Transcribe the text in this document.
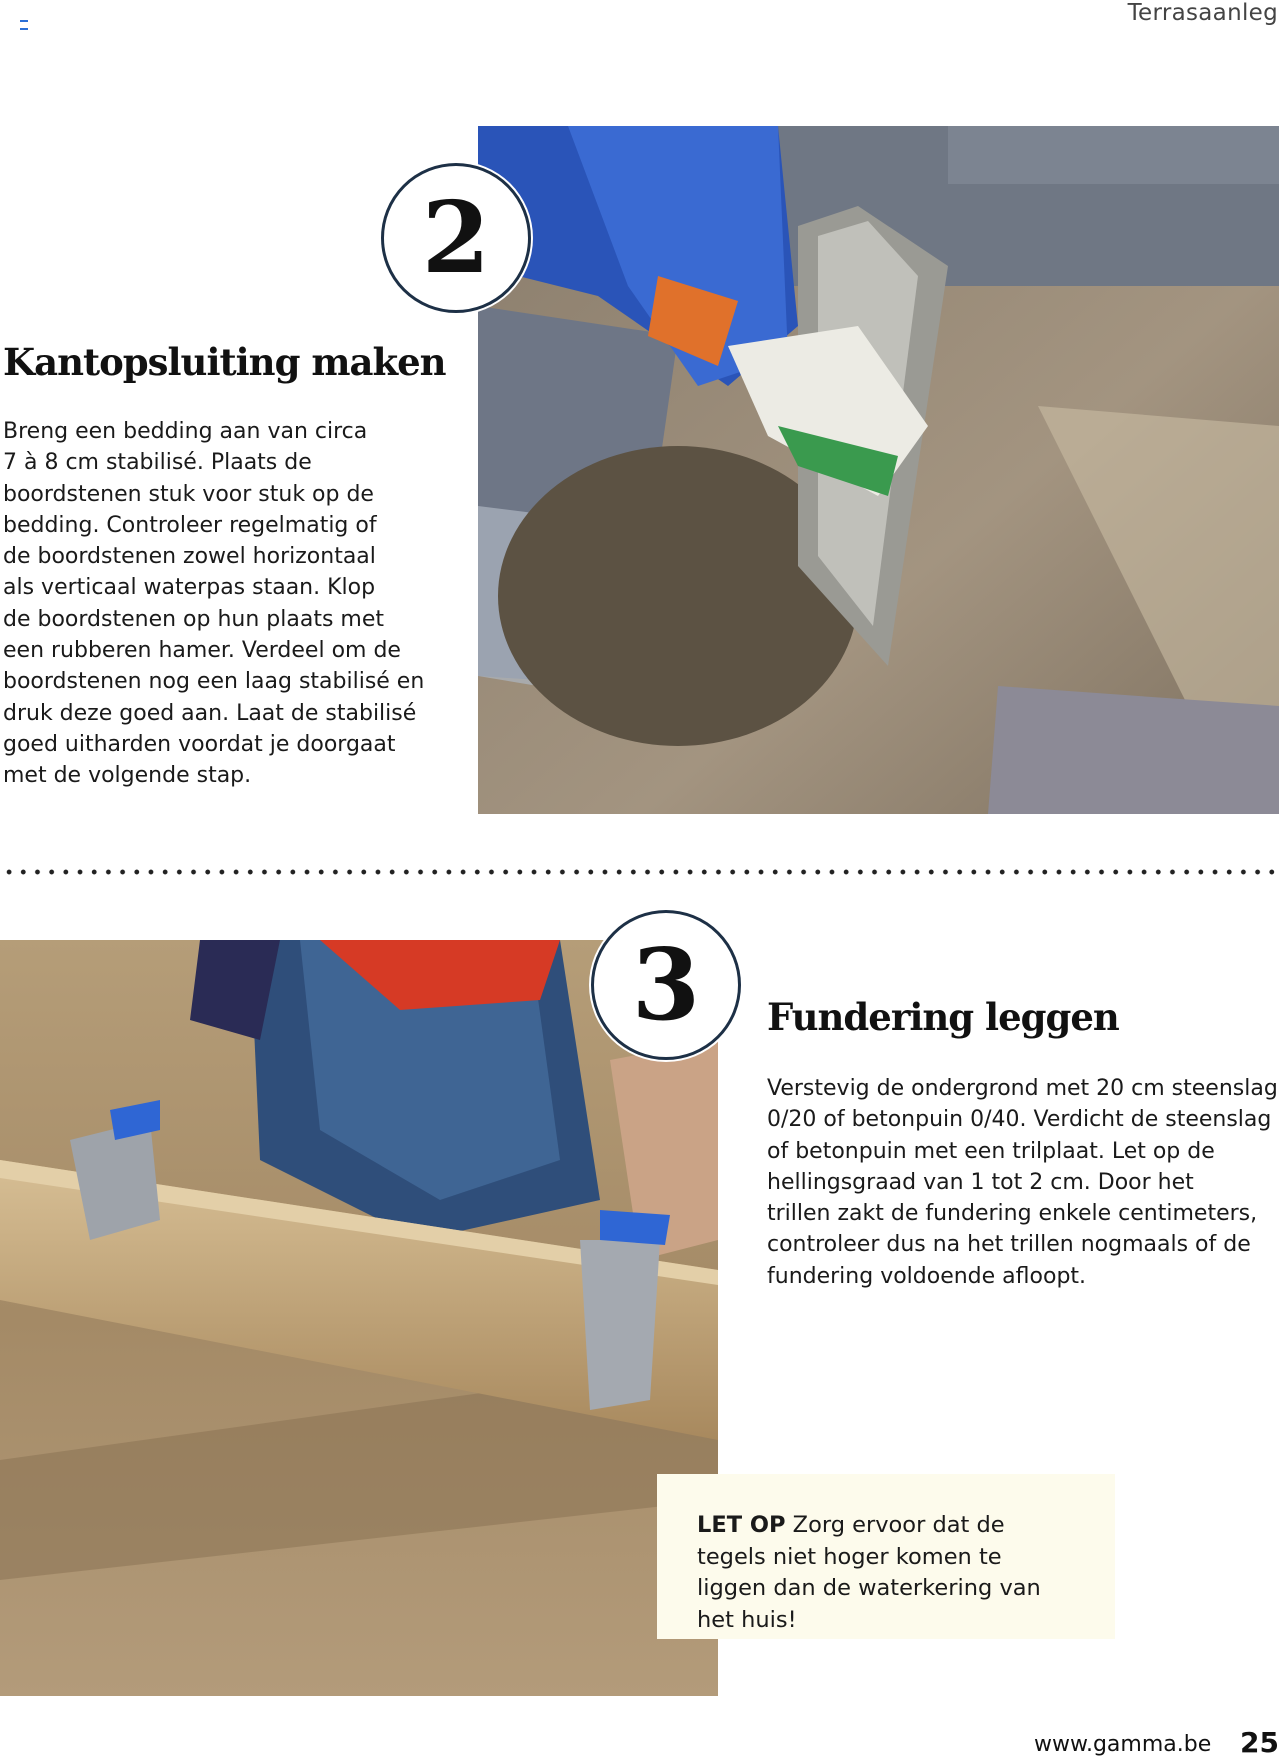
Terrasaanleg
2
Kantopsluiting maken
Breng een bedding aan van circa
7 à 8 cm stabilisé. Plaats de
boordstenen stuk voor stuk op de
bedding. Controleer regelmatig of
de boordstenen zowel horizontaal
als verticaal waterpas staan. Klop
de boordstenen op hun plaats met
een rubberen hamer. Verdeel om de
boordstenen nog een laag stabilisé en
druk deze goed aan. Laat de stabilisé
goed uitharden voordat je doorgaat
met de volgende stap.
3	Fundering leggen
Verstevig de ondergrond met 20 cm steenslag
0/20 of betonpuin 0/40. Verdicht de steenslag
of betonpuin met een trilplaat. Let op de
hellingsgraad van 1 tot 2 cm. Door het
trillen zakt de fundering enkele centimeters,
controleer dus na het trillen nogmaals of de
fundering voldoende afloopt.
LET OP Zorg ervoor dat de tegels niet hoger komen te liggen dan de waterkering van het huis!
www.gamma.be 25
